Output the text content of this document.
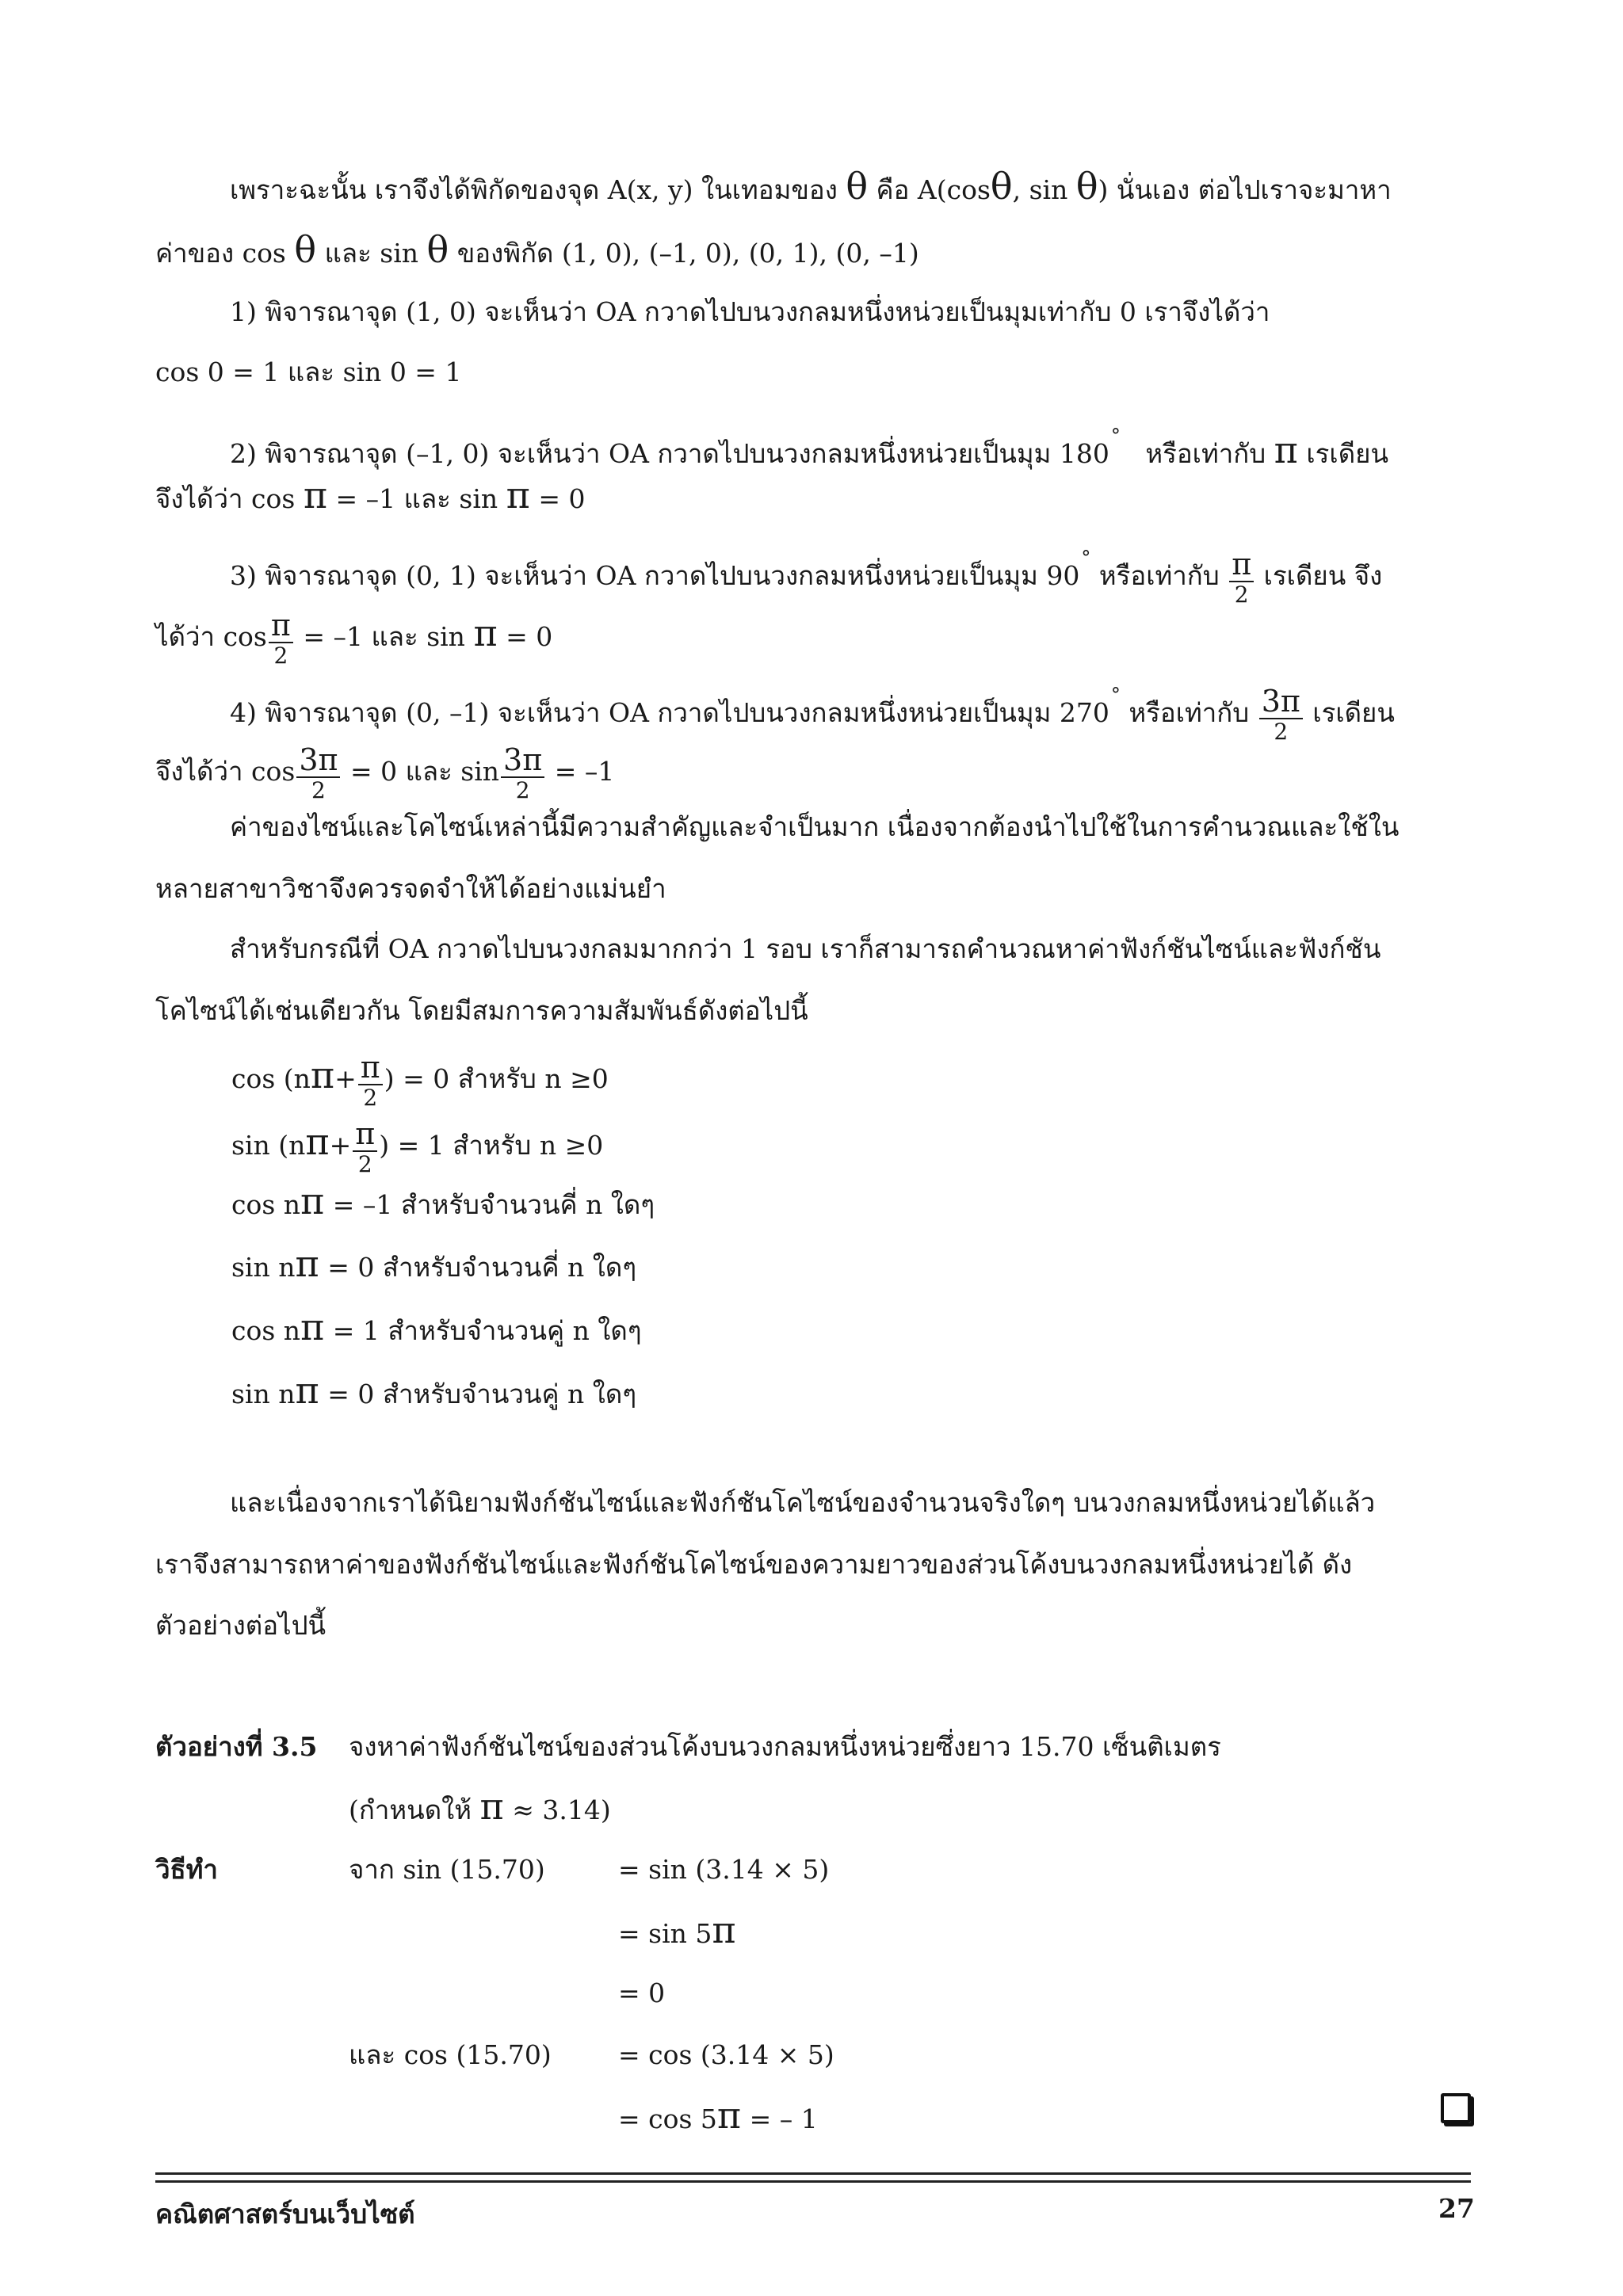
เพราะฉะนั้น เราจึงได้พิกัดของจุด A(x, y) ในเทอมของ θ คือ A(cosθ, sin θ) นั่นเอง ต่อไปเราจะมาหา
ค่าของ cos θ และ sin θ ของพิกัด (1, 0), (–1, 0), (0, 1), (0, –1)
1) พิจารณาจุด (1, 0) จะเห็นว่า OA กวาดไปบนวงกลมหนึ่งหน่วยเป็นมุมเท่ากับ 0 เราจึงได้ว่า
cos 0 = 1 และ sin 0 = 1
2) พิจารณาจุด (–1, 0) จะเห็นว่า OA กวาดไปบนวงกลมหนึ่งหน่วยเป็นมุม 180°   หรือเท่ากับ π เรเดียน
จึงได้ว่า cos π = –1 และ sin π = 0
3) พิจารณาจุด (0, 1) จะเห็นว่า OA กวาดไปบนวงกลมหนึ่งหน่วยเป็นมุม 90° หรือเท่ากับ $\frac{\pi}{2}$ เรเดียน จึง
ได้ว่า $\cos \frac{\pi}{2} = -1$ และ sin π = 0
4) พิจารณาจุด (0, –1) จะเห็นว่า OA กวาดไปบนวงกลมหนึ่งหน่วยเป็นมุม 270° หรือเท่ากับ $\frac{3\pi}{2}$ เรเดียน
จึงได้ว่า $\cos \frac{3\pi}{2} = 0$ และ $\sin \frac{3\pi}{2} = -1$
ค่าของไซน์และโคไซน์เหล่านี้มีความสำคัญและจำเป็นมาก เนื่องจากต้องนำไปใช้ในการคำนวณและใช้ใน
หลายสาขาวิชาจึงควรจดจำให้ได้อย่างแม่นยำ
สำหรับกรณีที่ OA กวาดไปบนวงกลมมากกว่า 1 รอบ เราก็สามารถคำนวณหาค่าฟังก์ชันไซน์และฟังก์ชัน
โคไซน์ได้เช่นเดียวกัน โดยมีสมการความสัมพันธ์ดังต่อไปนี้
$\cos (n\pi+ \frac{\pi}{2}$ ) = 0 สำหรับ n ≥0
$\sin (n\pi+ \frac{\pi}{2}$ ) = 1 สำหรับ n ≥0
cos nπ = –1 สำหรับจำนวนคี่ n ใดๆ
sin nπ = 0 สำหรับจำนวนคี่ n ใดๆ
cos nπ = 1 สำหรับจำนวนคู่ n ใดๆ
sin nπ = 0 สำหรับจำนวนคู่ n ใดๆ
และเนื่องจากเราได้นิยามฟังก์ชันไซน์และฟังก์ชันโคไซน์ของจำนวนจริงใดๆ บนวงกลมหนึ่งหน่วยได้แล้ว
เราจึงสามารถหาค่าของฟังก์ชันไซน์และฟังก์ชันโคไซน์ของความยาวของส่วนโค้งบนวงกลมหนึ่งหน่วยได้ ดัง
ตัวอย่างต่อไปนี้
ตัวอย่างที่ 3.5 จงหาค่าฟังก์ชันไซน์ของส่วนโค้งบนวงกลมหนึ่งหน่วยซึ่งยาว 15.70 เซ็นติเมตร
(กำหนดให้ π ≈ 3.14)
วิธีทำ	จาก sin (15.70)	= sin (3.14 × 5)
= sin 5π
= 0
และ cos (15.70)	= cos (3.14 × 5)
= cos 5π = – 1
คณิตศาสตร์บนเว็บไซต์	27
